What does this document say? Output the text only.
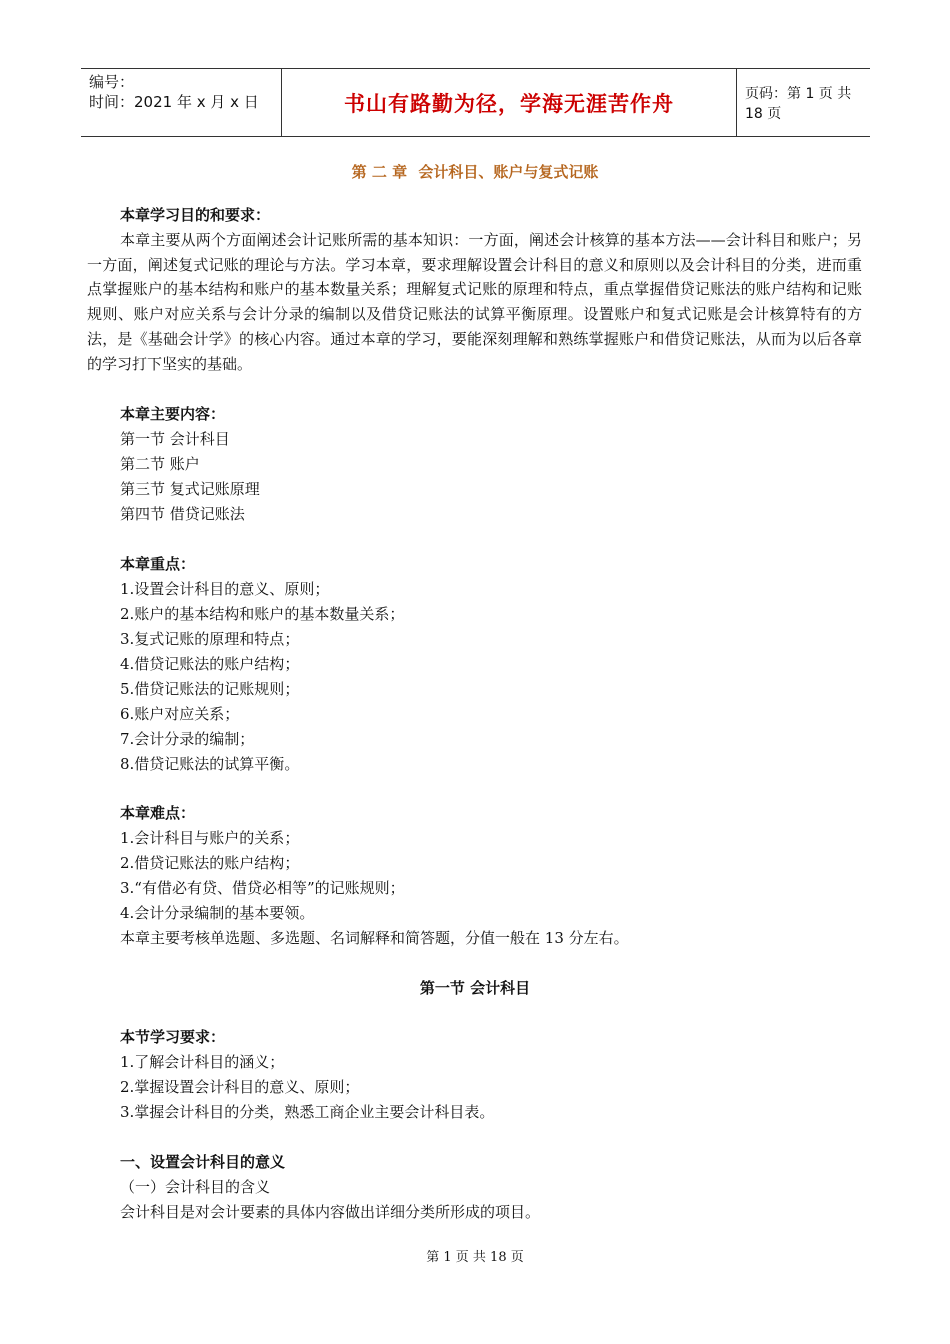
编号：
时间：2021 年 x 月 x 日	书山有路勤为径，学海无涯苦作舟	页码：第 1 页 共 18 页
第 二 章 会计科目、账户与复式记账
本章学习目的和要求：
本章主要从两个方面阐述会计记账所需的基本知识：一方面，阐述会计核算的基本方法——会计科目和账户；另一方面，阐述复式记账的理论与方法。学习本章，要求理解设置会计科目的意义和原则以及会计科目的分类，进而重点掌握账户的基本结构和账户的基本数量关系；理解复式记账的原理和特点，重点掌握借贷记账法的账户结构和记账规则、账户对应关系与会计分录的编制以及借贷记账法的试算平衡原理。设置账户和复式记账是会计核算特有的方法，是《基础会计学》的核心内容。通过本章的学习，要能深刻理解和熟练掌握账户和借贷记账法，从而为以后各章的学习打下坚实的基础。
本章主要内容：
第一节 会计科目
第二节 账户
第三节 复式记账原理
第四节 借贷记账法
本章重点：
1.设置会计科目的意义、原则；
2.账户的基本结构和账户的基本数量关系；
3.复式记账的原理和特点；
4.借贷记账法的账户结构；
5.借贷记账法的记账规则；
6.账户对应关系；
7.会计分录的编制；
8.借贷记账法的试算平衡。
本章难点：
1.会计科目与账户的关系；
2.借贷记账法的账户结构；
3.“有借必有贷、借贷必相等”的记账规则；
4.会计分录编制的基本要领。
本章主要考核单选题、多选题、名词解释和简答题，分值一般在 13 分左右。
第一节 会计科目
本节学习要求：
1.了解会计科目的涵义；
2.掌握设置会计科目的意义、原则；
3.掌握会计科目的分类，熟悉工商企业主要会计科目表。
一、设置会计科目的意义
（一）会计科目的含义
会计科目是对会计要素的具体内容做出详细分类所形成的项目。
第 1 页 共 18 页
